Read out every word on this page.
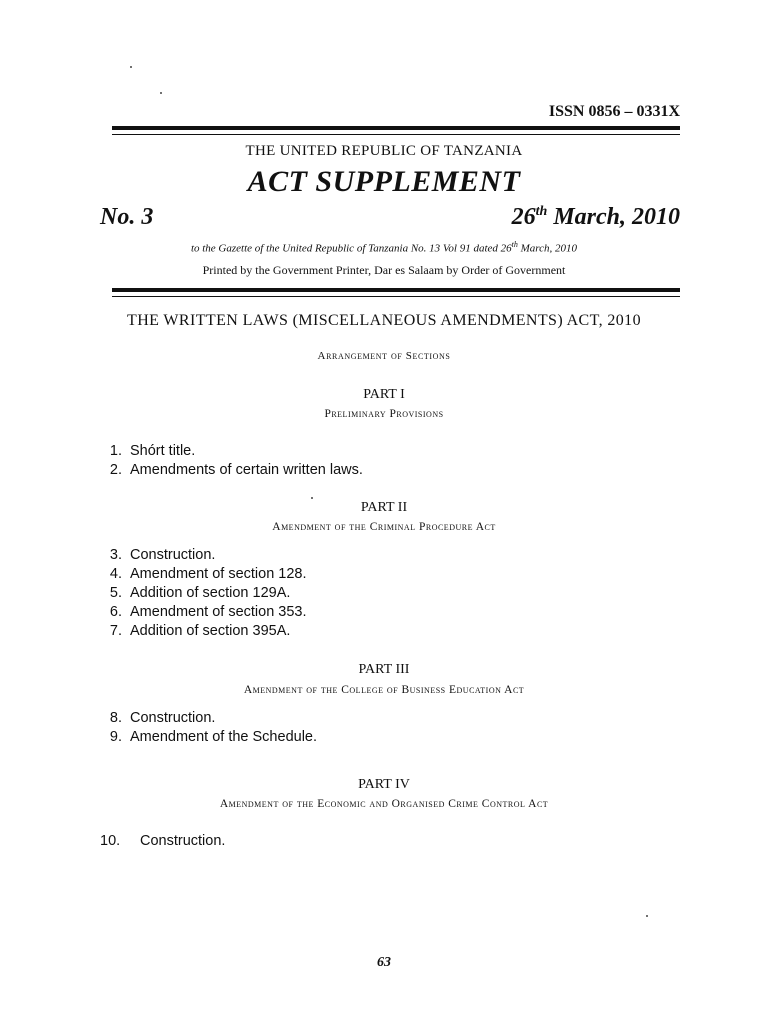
ISSN 0856 – 0331X
THE UNITED REPUBLIC OF TANZANIA
ACT SUPPLEMENT
No. 3	26th March, 2010
to the Gazette of the United Republic of Tanzania No. 13 Vol 91 dated 26th March, 2010
Printed by the Government Printer, Dar es Salaam by Order of Government
THE WRITTEN LAWS (MISCELLANEOUS AMENDMENTS) ACT, 2010
Arrangement of Sections
PART I
Preliminary Provisions
1. Shórt title.
2. Amendments of certain written laws.
PART II
Amendment of the Criminal Procedure Act
3. Construction.
4. Amendment of section 128.
5. Addition of section 129A.
6. Amendment of section 353.
7. Addition of section 395A.
PART III
Amendment of the College of Business Education Act
8. Construction.
9. Amendment of the Schedule.
PART IV
Amendment of the Economic and Organised Crime Control Act
10.	Construction.
63
